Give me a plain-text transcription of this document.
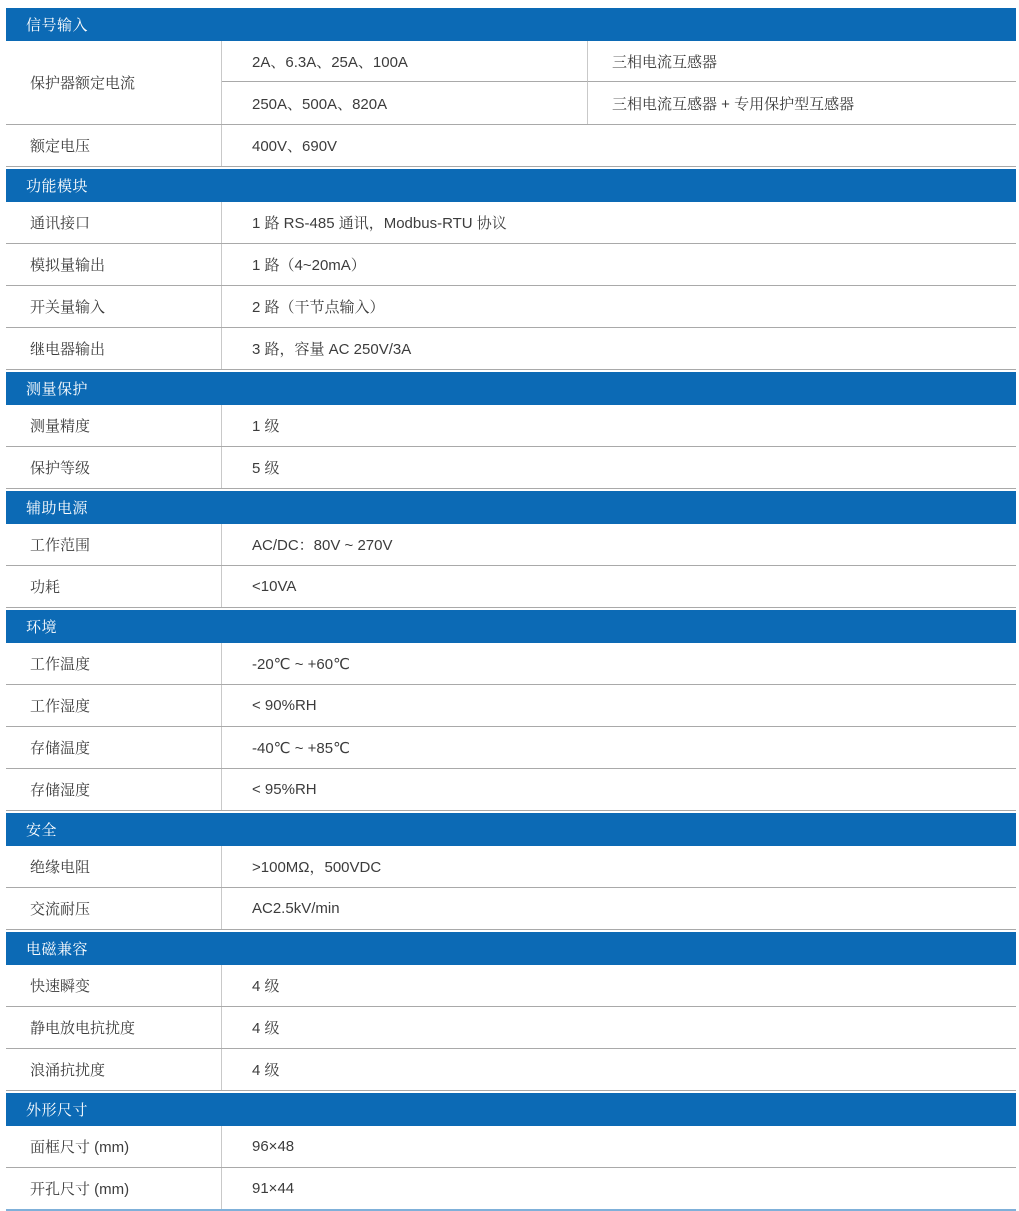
信号输入
保护器额定电流
2A、6.3A、25A、100A	三相电流互感器
250A、500A、820A	三相电流互感器 + 专用保护型互感器
额定电压	400V、690V
功能模块
通讯接口	1 路 RS-485 通讯，Modbus-RTU 协议
模拟量输出	1 路（4~20mA）
开关量输入	2 路（干节点输入）
继电器输出	3 路，容量 AC 250V/3A
测量保护
测量精度	1 级
保护等级	5 级
辅助电源
工作范围	AC/DC：80V ~ 270V
功耗	<10VA
环境
工作温度	-20℃ ~ +60℃
工作湿度	< 90%RH
存储温度	-40℃ ~ +85℃
存储湿度	< 95%RH
安全
绝缘电阻	>100MΩ，500VDC
交流耐压	AC2.5kV/min
电磁兼容
快速瞬变	4 级
静电放电抗扰度	4 级
浪涌抗扰度	4 级
外形尺寸
面框尺寸 (mm)	96×48
开孔尺寸 (mm)	91×44
